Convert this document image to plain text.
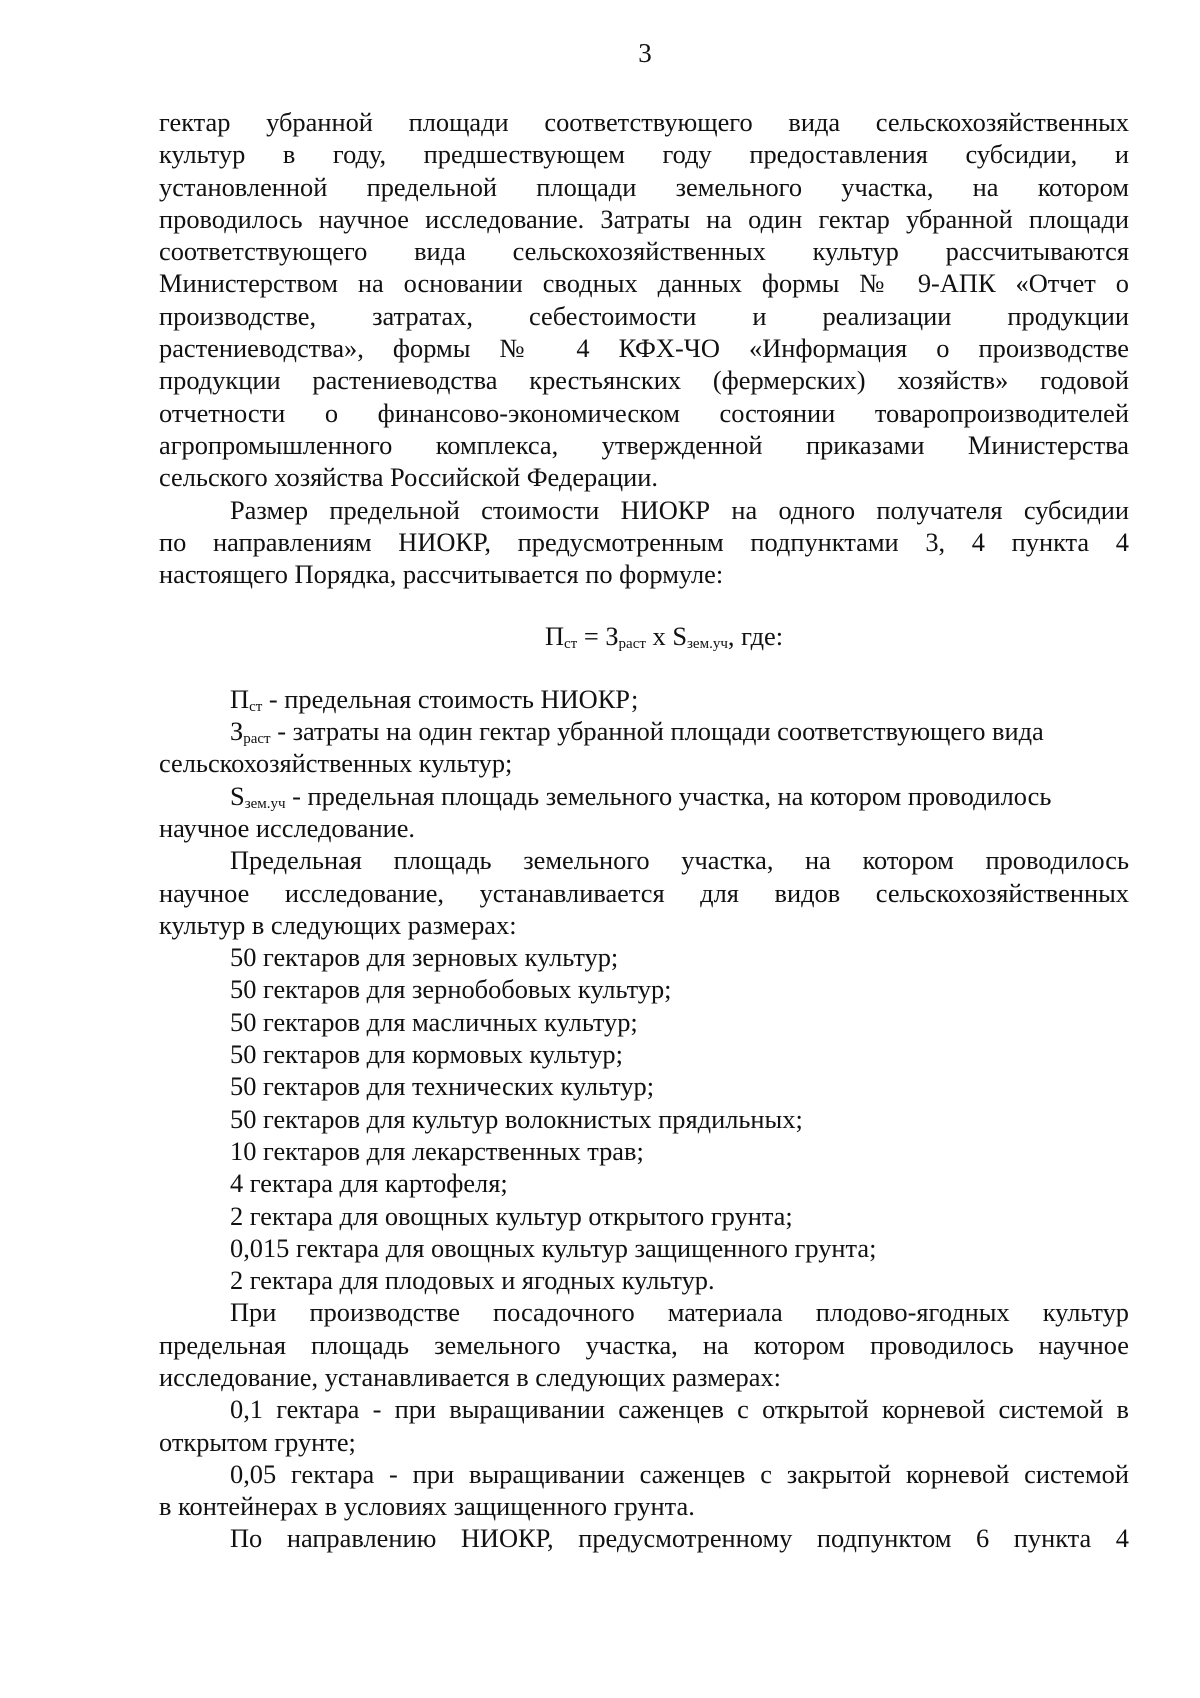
3
гектар убранной площади соответствующего вида сельскохозяйственных
культур в году, предшествующем году предоставления субсидии, и
установленной предельной площади земельного участка, на котором
проводилось научное исследование. Затраты на один гектар убранной площади
соответствующего вида сельскохозяйственных культур рассчитываются
Министерством на основании сводных данных формы № 9-АПК «Отчет о
производстве, затратах, себестоимости и реализации продукции
растениеводства», формы № 4 КФХ-ЧО «Информация о производстве
продукции растениеводства крестьянских (фермерских) хозяйств» годовой
отчетности о финансово-экономическом состоянии товаропроизводителей
агропромышленного комплекса, утвержденной приказами Министерства
сельского хозяйства Российской Федерации.
Размер предельной стоимости НИОКР на одного получателя субсидии
по направлениям НИОКР, предусмотренным подпунктами 3, 4 пункта 4
настоящего Порядка, рассчитывается по формуле:
$П_{ст} = З_{раст}$ x $S_{зем.уч}$, где:
$П_{ст}$ - предельная стоимость НИОКР;
$З_{раст}$ - затраты на один гектар убранной площади соответствующего вида
сельскохозяйственных культур;
$S_{зем.уч}$ - предельная площадь земельного участка, на котором проводилось
научное исследование.
Предельная площадь земельного участка, на котором проводилось
научное исследование, устанавливается для видов сельскохозяйственных
культур в следующих размерах:
50 гектаров для зерновых культур;
50 гектаров для зернобобовых культур;
50 гектаров для масличных культур;
50 гектаров для кормовых культур;
50 гектаров для технических культур;
50 гектаров для культур волокнистых прядильных;
10 гектаров для лекарственных трав;
4 гектара для картофеля;
2 гектара для овощных культур открытого грунта;
0,015 гектара для овощных культур защищенного грунта;
2 гектара для плодовых и ягодных культур.
При производстве посадочного материала плодово-ягодных культур
предельная площадь земельного участка, на котором проводилось научное
исследование, устанавливается в следующих размерах:
0,1 гектара - при выращивании саженцев с открытой корневой системой в
открытом грунте;
0,05 гектара - при выращивании саженцев с закрытой корневой системой
в контейнерах в условиях защищенного грунта.
По направлению НИОКР, предусмотренному подпунктом 6 пункта 4
